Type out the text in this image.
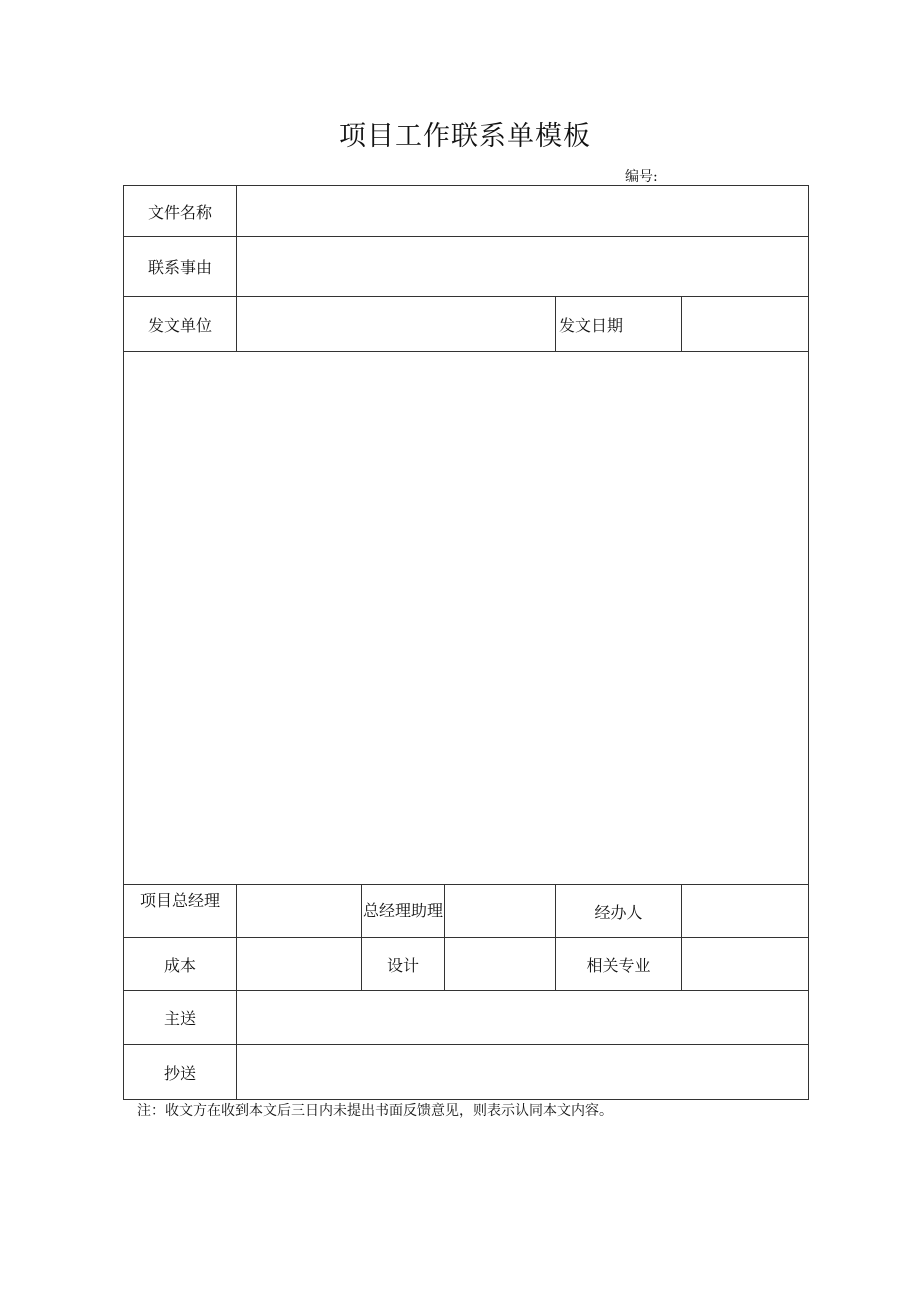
项目工作联系单模板
编号:
文件名称					
联系事由					
发文单位				发文日期	

项目总经理		总经理助理		经办人	
成本		设计		相关专业	
主送					
抄送					
注：收文方在收到本文后三日内未提出书面反馈意见，则表示认同本文内容。
